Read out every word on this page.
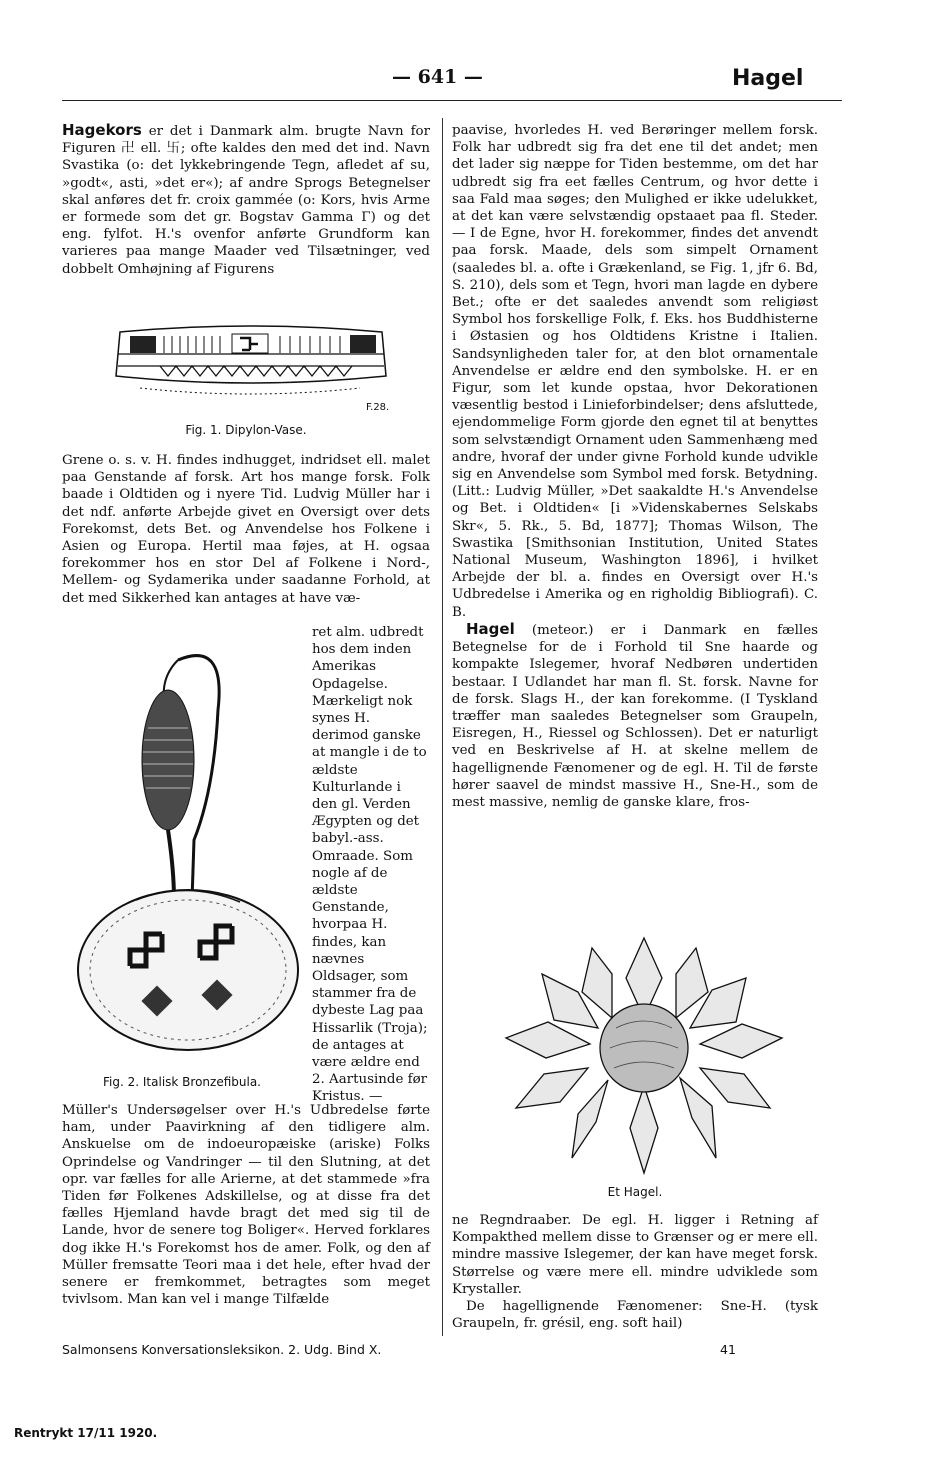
— 641 —	Hagel

Hagekors er det i Danmark alm. brugte Navn for Figuren 卍 ell. 卐; ofte kaldes den med det ind. Navn Svastika (o: det lykkebringende Tegn, afledet af su, »godt«, asti, »det er«); af andre Sprogs Betegnelser skal anføres det fr. croix gammée (o: Kors, hvis Arme er formede som det gr. Bogstav Gamma Γ) og det eng. fylfot. H.'s ovenfor anførte Grundform kan varieres paa mange Maader ved Tilsætninger, ved dobbelt Omhøjning af Figurens

F.28.
Fig. 1. Dipylon-Vase.

Grene o. s. v. H. findes indhugget, indridset ell. malet paa Genstande af forsk. Art hos mange forsk. Folk baade i Oldtiden og i nyere Tid. Ludvig Müller har i det ndf. anførte Arbejde givet en Oversigt over dets Forekomst, dets Bet. og Anvendelse hos Folkene i Asien og Europa. Hertil maa føjes, at H. ogsaa forekommer hos en stor Del af Folkene i Nord-, Mellem- og Sydamerika under saadanne Forhold, at det med Sikkerhed kan antages at have væ-

Fig. 2. Italisk Bronzefibula.

ret alm. udbredt hos dem inden Amerikas Opdagelse. Mærkeligt nok synes H. derimod ganske at mangle i de to ældste Kulturlande i den gl. Verden Ægypten og det babyl.-ass. Omraade. Som nogle af de ældste Genstande, hvorpaa H. findes, kan nævnes Oldsager, som stammer fra de dybeste Lag paa Hissarlik (Troja); de antages at være ældre end 2. Aartusinde før Kristus. —

Müller's Undersøgelser over H.'s Udbredelse førte ham, under Paavirkning af den tidligere alm. Anskuelse om de indoeuropæiske (ariske) Folks Oprindelse og Vandringer — til den Slutning, at det opr. var fælles for alle Arierne, at det stammede »fra Tiden før Folkenes Adskillelse, og at disse fra det fælles Hjemland havde bragt det med sig til de Lande, hvor de senere tog Boliger«. Herved forklares dog ikke H.'s Forekomst hos de amer. Folk, og den af Müller fremsatte Teori maa i det hele, efter hvad der senere er fremkommet, betragtes som meget tvivlsom. Man kan vel i mange Tilfælde

paavise, hvorledes H. ved Berøringer mellem forsk. Folk har udbredt sig fra det ene til det andet; men det lader sig næppe for Tiden bestemme, om det har udbredt sig fra eet fælles Centrum, og hvor dette i saa Fald maa søges; den Mulighed er ikke udelukket, at det kan være selvstændig opstaaet paa fl. Steder. — I de Egne, hvor H. forekommer, findes det anvendt paa forsk. Maade, dels som simpelt Ornament (saaledes bl. a. ofte i Grækenland, se Fig. 1, jfr 6. Bd, S. 210), dels som et Tegn, hvori man lagde en dybere Bet.; ofte er det saaledes anvendt som religiøst Symbol hos forskellige Folk, f. Eks. hos Buddhisterne i Østasien og hos Oldtidens Kristne i Italien. Sandsynligheden taler for, at den blot ornamentale Anvendelse er ældre end den symbolske. H. er en Figur, som let kunde opstaa, hvor Dekorationen væsentlig bestod i Linieforbindelser; dens afsluttede, ejendommelige Form gjorde den egnet til at benyttes som selvstændigt Ornament uden Sammenhæng med andre, hvoraf der under givne Forhold kunde udvikle sig en Anvendelse som Symbol med forsk. Betydning. (Litt.: Ludvig Müller, »Det saakaldte H.'s Anvendelse og Bet. i Oldtiden« [i »Videnskabernes Selskabs Skr«, 5. Rk., 5. Bd, 1877]; Thomas Wilson, The Swastika [Smithsonian Institution, United States National Museum, Washington 1896], i hvilket Arbejde der bl. a. findes en Oversigt over H.'s Udbredelse i Amerika og en righoldig Bibliografi). C. B.

Hagel (meteor.) er i Danmark en fælles Betegnelse for de i Forhold til Sne haarde og kompakte Islegemer, hvoraf Nedbøren undertiden bestaar. I Udlandet har man fl. St. forsk. Navne for de forsk. Slags H., der kan forekomme. (I Tyskland træffer man saaledes Betegnelser som Graupeln, Eisregen, H., Riessel og Schlossen). Det er naturligt ved en Beskrivelse af H. at skelne mellem de hagellignende Fænomener og de egl. H. Til de første hører saavel de mindst massive H., Sne-H., som de mest massive, nemlig de ganske klare, fros-

Et Hagel.

ne Regndraaber. De egl. H. ligger i Retning af Kompakthed mellem disse to Grænser og er mere ell. mindre massive Islegemer, der kan have meget forsk. Størrelse og være mere ell. mindre udviklede som Krystaller.

De hagellignende Fænomener: Sne-H. (tysk Graupeln, fr. grésil, eng. soft hail)

Salmonsens Konversationsleksikon. 2. Udg. Bind X.	41
Rentrykt 17/11 1920.
